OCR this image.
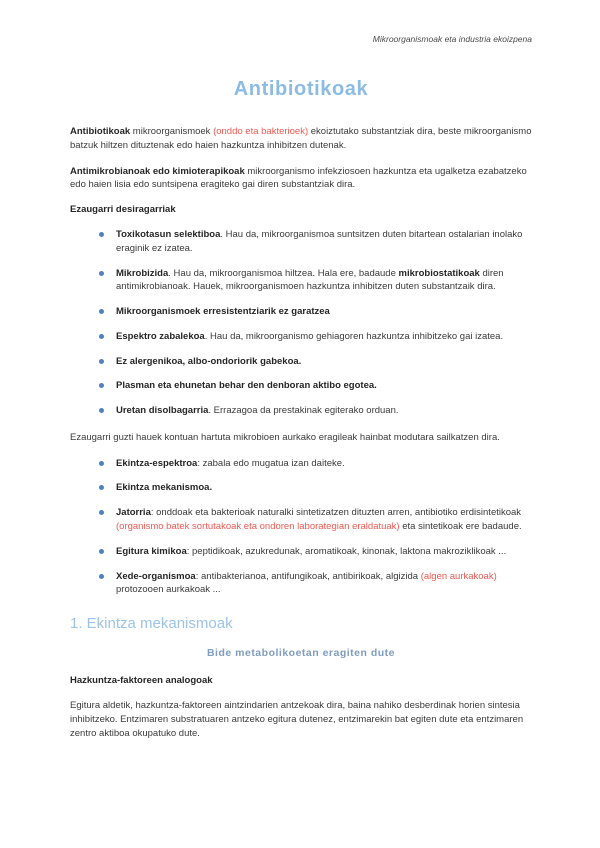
Mikroorganismoak eta industria ekoizpena
Antibiotikoak

Antibiotikoak mikroorganismoek (onddo eta bakterioek) ekoiztutako substantziak dira, beste mikroorganismo batzuk hiltzen dituztenak edo haien hazkuntza inhibitzen dutenak.

Antimikrobianoak edo kimioterapikoak mikroorganismo infekziosoen hazkuntza eta ugalketza ezabatzeko edo haien lisia edo suntsipena eragiteko gai diren substantziak dira.

Ezaugarri desiragarriak
Toxikotasun selektiboa. Hau da, mikroorganismoa suntsitzen duten bitartean ostalarian inolako eraginik ez izatea.
Mikrobizida. Hau da, mikroorganismoa hiltzea. Hala ere, badaude mikrobiostatikoak diren antimikrobianoak. Hauek, mikroorganismoen hazkuntza inhibitzen duten substantzaik dira.
Mikroorganismoek erresistentziarik ez garatzea
Espektro zabalekoa. Hau da, mikroorganismo gehiagoren hazkuntza inhibitzeko gai izatea.
Ez alergenikoa, albo-ondoriorik gabekoa.
Plasman eta ehunetan behar den denboran aktibo egotea.
Uretan disolbagarria. Errazagoa da prestakinak egiterako orduan.

Ezaugarri guzti hauek kontuan hartuta mikrobioen aurkako eragileak hainbat modutara sailkatzen dira.

Ekintza-espektroa: zabala edo mugatua izan daiteke.
Ekintza mekanismoa.
Jatorria: onddoak eta bakterioak naturalki sintetizatzen dituzten arren, antibiotiko erdisintetikoak (organismo batek sortutakoak eta ondoren laborategian eraldatuak) eta sintetikoak ere badaude.
Egitura kimikoa: peptidikoak, azukredunak, aromatikoak, kinonak, laktona makroziklikoak ...
Xede-organismoa: antibakterianoa, antifungikoak, antibirikoak, algizida (algen aurkakoak) protozooen aurkakoak ...
1. Ekintza mekanismoak
Bide metabolikoetan eragiten dute
Hazkuntza-faktoreen analogoak

Egitura aldetik, hazkuntza-faktoreen aintzindarien antzekoak dira, baina nahiko desberdinak horien sintesia inhibitzeko. Entzimaren substratuaren antzeko egitura dutenez, entzimarekin bat egiten dute eta entzimaren zentro aktiboa okupatuko dute.
